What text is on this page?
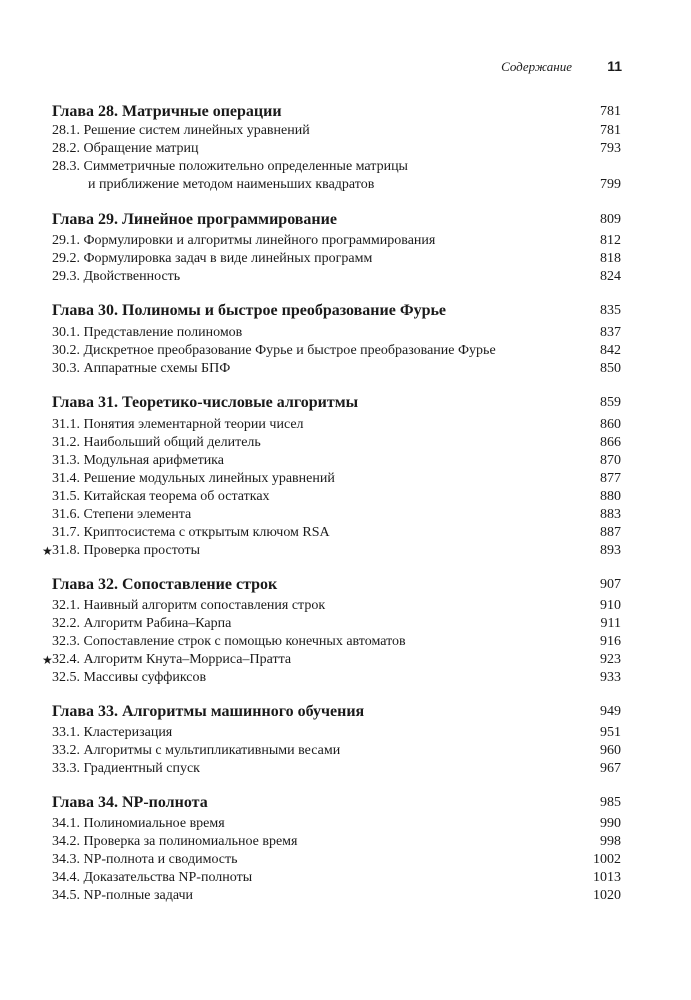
Содержание	11
Глава 28. Матричные операции	781
28.1. Решение систем линейных уравнений	781
28.2. Обращение матриц	793
28.3. Симметричные положительно определенные матрицы
и приближение методом наименьших квадратов	799
Глава 29. Линейное программирование	809
29.1. Формулировки и алгоритмы линейного программирования	812
29.2. Формулировка задач в виде линейных программ	818
29.3. Двойственность	824
Глава 30. Полиномы и быстрое преобразование Фурье	835
30.1. Представление полиномов	837
30.2. Дискретное преобразование Фурье и быстрое преобразование Фурье	842
30.3. Аппаратные схемы БПФ	850
Глава 31. Теоретико-числовые алгоритмы	859
31.1. Понятия элементарной теории чисел	860
31.2. Наибольший общий делитель	866
31.3. Модульная арифметика	870
31.4. Решение модульных линейных уравнений	877
31.5. Китайская теорема об остатках	880
31.6. Степени элемента	883
31.7. Криптосистема с открытым ключом RSA	887
★ 31.8. Проверка простоты	893
Глава 32. Сопоставление строк	907
32.1. Наивный алгоритм сопоставления строк	910
32.2. Алгоритм Рабина–Карпа	911
32.3. Сопоставление строк с помощью конечных автоматов	916
★ 32.4. Алгоритм Кнута–Морриса–Пратта	923
32.5. Массивы суффиксов	933
Глава 33. Алгоритмы машинного обучения	949
33.1. Кластеризация	951
33.2. Алгоритмы с мультипликативными весами	960
33.3. Градиентный спуск	967
Глава 34. NP-полнота	985
34.1. Полиномиальное время	990
34.2. Проверка за полиномиальное время	998
34.3. NP-полнота и сводимость	1002
34.4. Доказательства NP-полноты	1013
34.5. NP-полные задачи	1020
